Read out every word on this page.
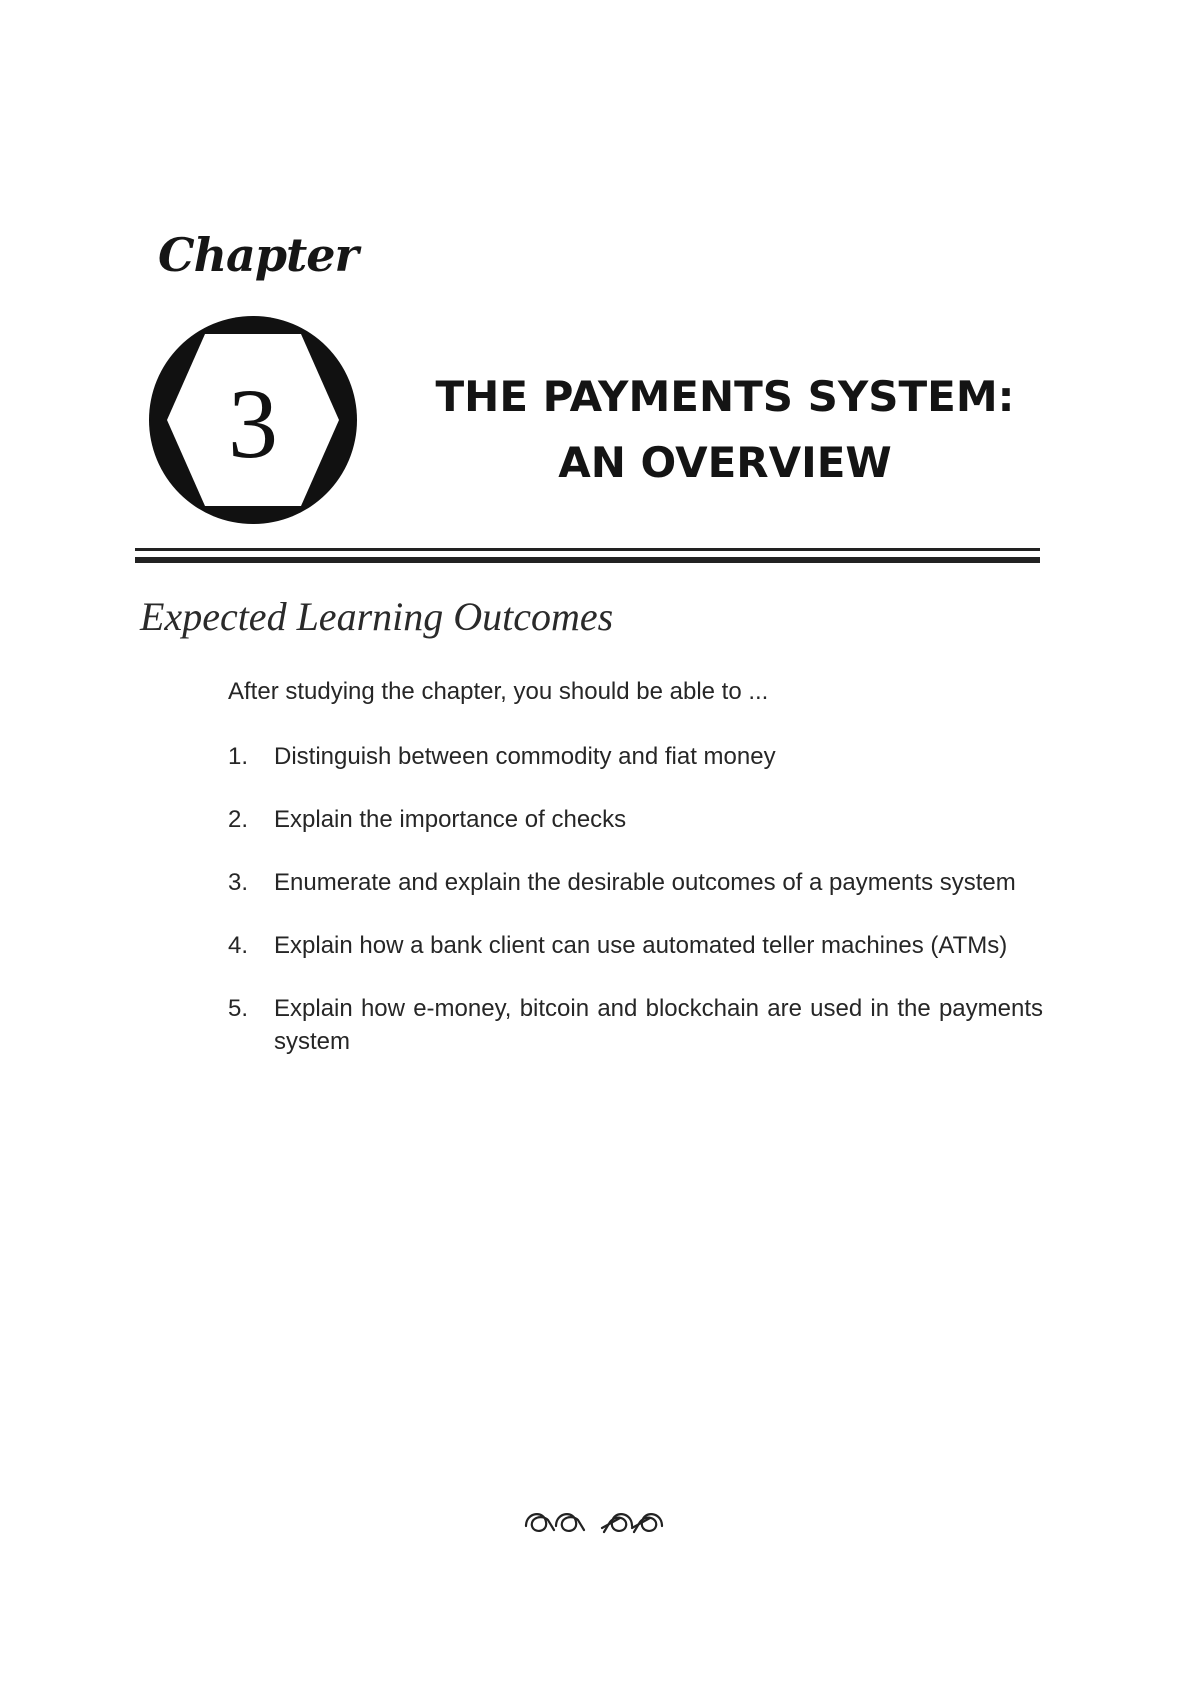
Chapter
3	THE PAYMENTS SYSTEM:
AN OVERVIEW
Expected Learning Outcomes
After studying the chapter, you should be able to ...
1.	Distinguish between commodity and fiat money
2.	Explain the importance of checks
3.	Enumerate and explain the desirable outcomes of a payments system
4.	Explain how a bank client can use automated teller machines (ATMs)
5.	Explain how e-money, bitcoin and blockchain are used in the payments system
